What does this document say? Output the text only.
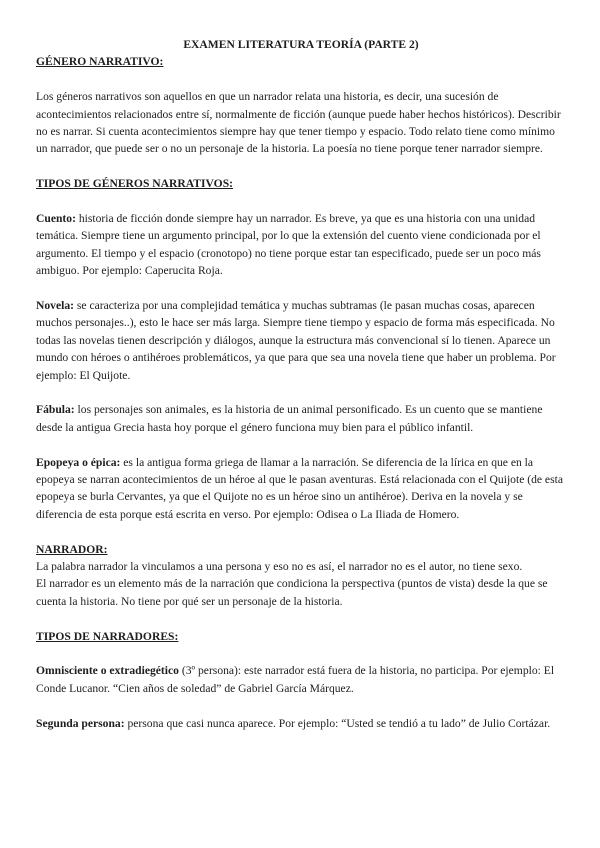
EXAMEN LITERATURA TEORÍA (PARTE 2)
GÉNERO NARRATIVO:

Los géneros narrativos son aquellos en que un narrador relata una historia, es decir, una sucesión de acontecimientos relacionados entre sí, normalmente de ficción (aunque puede haber hechos históricos). Describir no es narrar. Si cuenta acontecimientos siempre hay que tener tiempo y espacio. Todo relato tiene como mínimo un narrador, que puede ser o no un personaje de la historia. La poesía no tiene porque tener narrador siempre.

TIPOS DE GÉNEROS NARRATIVOS:

Cuento: historia de ficción donde siempre hay un narrador. Es breve, ya que es una historia con una unidad temática. Siempre tiene un argumento principal, por lo que la extensión del cuento viene condicionada por el argumento. El tiempo y el espacio (cronotopo) no tiene porque estar tan especificado, puede ser un poco más ambiguo. Por ejemplo: Caperucita Roja.

Novela: se caracteriza por una complejidad temática y muchas subtramas (le pasan muchas cosas, aparecen muchos personajes..), esto le hace ser más larga. Siempre tiene tiempo y espacio de forma más especificada. No todas las novelas tienen descripción y diálogos, aunque la estructura más convencional sí lo tienen. Aparece un mundo con héroes o antihéroes problemáticos, ya que para que sea una novela tiene que haber un problema. Por ejemplo: El Quijote.

Fábula: los personajes son animales, es la historia de un animal personificado. Es un cuento que se mantiene desde la antigua Grecia hasta hoy porque el género funciona muy bien para el público infantil.

Epopeya o épica: es la antigua forma griega de llamar a la narración. Se diferencia de la lírica en que en la epopeya se narran acontecimientos de un héroe al que le pasan aventuras. Está relacionada con el Quijote (de esta epopeya se burla Cervantes, ya que el Quijote no es un héroe sino un antihéroe). Deriva en la novela y se diferencia de esta porque está escrita en verso. Por ejemplo: Odisea o La Iliada de Homero.

NARRADOR:

La palabra narrador la vinculamos a una persona y eso no es así, el narrador no es el autor, no tiene sexo.

El narrador es un elemento más de la narración que condiciona la perspectiva (puntos de vista) desde la que se cuenta la historia. No tiene por qué ser un personaje de la historia.

TIPOS DE NARRADORES:

Omnisciente o extradiegético (3º persona): este narrador está fuera de la historia, no participa. Por ejemplo: El Conde Lucanor. “Cien años de soledad” de Gabriel García Márquez.

Segunda persona: persona que casi nunca aparece. Por ejemplo: “Usted se tendió a tu lado” de Julio Cortázar.
